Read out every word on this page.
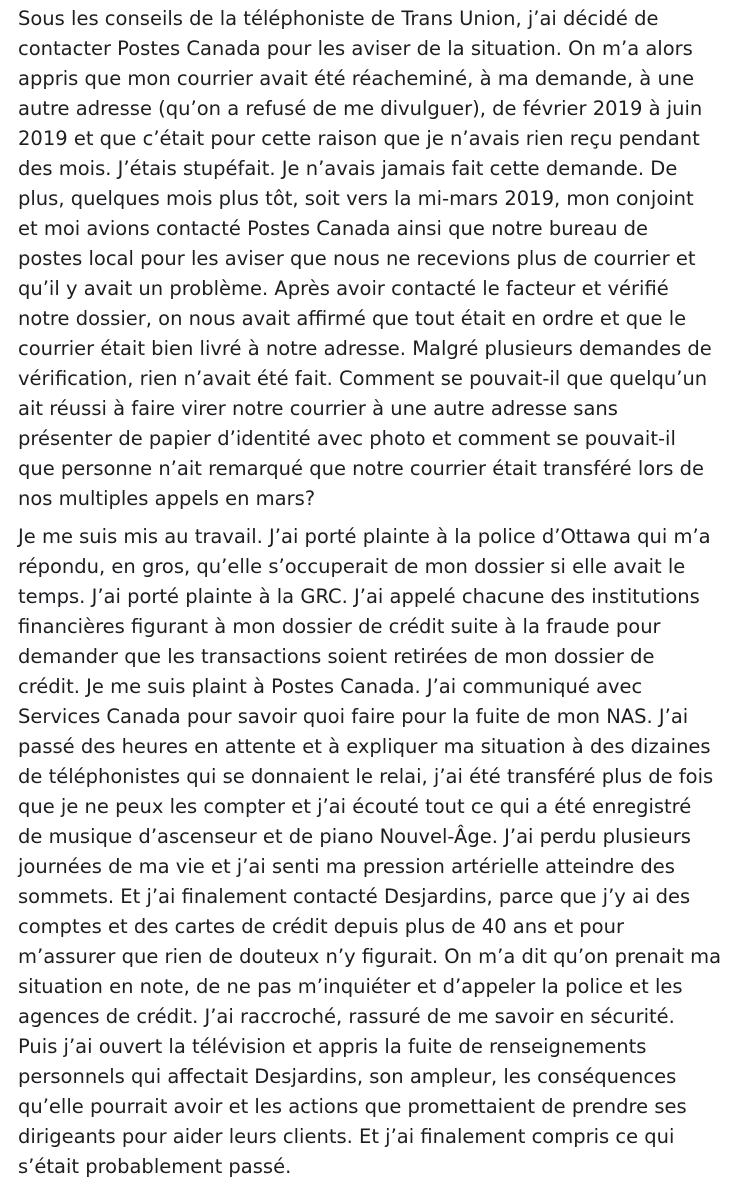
Sous les conseils de la téléphoniste de Trans Union, j’ai décidé de
contacter Postes Canada pour les aviser de la situation. On m’a alors
appris que mon courrier avait été réacheminé, à ma demande, à une
autre adresse (qu’on a refusé de me divulguer), de février 2019 à juin
2019 et que c’était pour cette raison que je n’avais rien reçu pendant
des mois. J’étais stupéfait. Je n’avais jamais fait cette demande. De
plus, quelques mois plus tôt, soit vers la mi-mars 2019, mon conjoint
et moi avions contacté Postes Canada ainsi que notre bureau de
postes local pour les aviser que nous ne recevions plus de courrier et
qu’il y avait un problème. Après avoir contacté le facteur et vérifié
notre dossier, on nous avait affirmé que tout était en ordre et que le
courrier était bien livré à notre adresse. Malgré plusieurs demandes de
vérification, rien n’avait été fait. Comment se pouvait-il que quelqu’un
ait réussi à faire virer notre courrier à une autre adresse sans
présenter de papier d’identité avec photo et comment se pouvait-il
que personne n’ait remarqué que notre courrier était transféré lors de
nos multiples appels en mars?

Je me suis mis au travail. J’ai porté plainte à la police d’Ottawa qui m’a
répondu, en gros, qu’elle s’occuperait de mon dossier si elle avait le
temps. J’ai porté plainte à la GRC. J’ai appelé chacune des institutions
financières figurant à mon dossier de crédit suite à la fraude pour
demander que les transactions soient retirées de mon dossier de
crédit. Je me suis plaint à Postes Canada. J’ai communiqué avec
Services Canada pour savoir quoi faire pour la fuite de mon NAS. J’ai
passé des heures en attente et à expliquer ma situation à des dizaines
de téléphonistes qui se donnaient le relai, j’ai été transféré plus de fois
que je ne peux les compter et j’ai écouté tout ce qui a été enregistré
de musique d’ascenseur et de piano Nouvel-Âge. J’ai perdu plusieurs
journées de ma vie et j’ai senti ma pression artérielle atteindre des
sommets. Et j’ai finalement contacté Desjardins, parce que j’y ai des
comptes et des cartes de crédit depuis plus de 40 ans et pour
m’assurer que rien de douteux n’y figurait. On m’a dit qu’on prenait ma
situation en note, de ne pas m’inquiéter et d’appeler la police et les
agences de crédit. J’ai raccroché, rassuré de me savoir en sécurité.
Puis j’ai ouvert la télévision et appris la fuite de renseignements
personnels qui affectait Desjardins, son ampleur, les conséquences
qu’elle pourrait avoir et les actions que promettaient de prendre ses
dirigeants pour aider leurs clients. Et j’ai finalement compris ce qui
s’était probablement passé.
